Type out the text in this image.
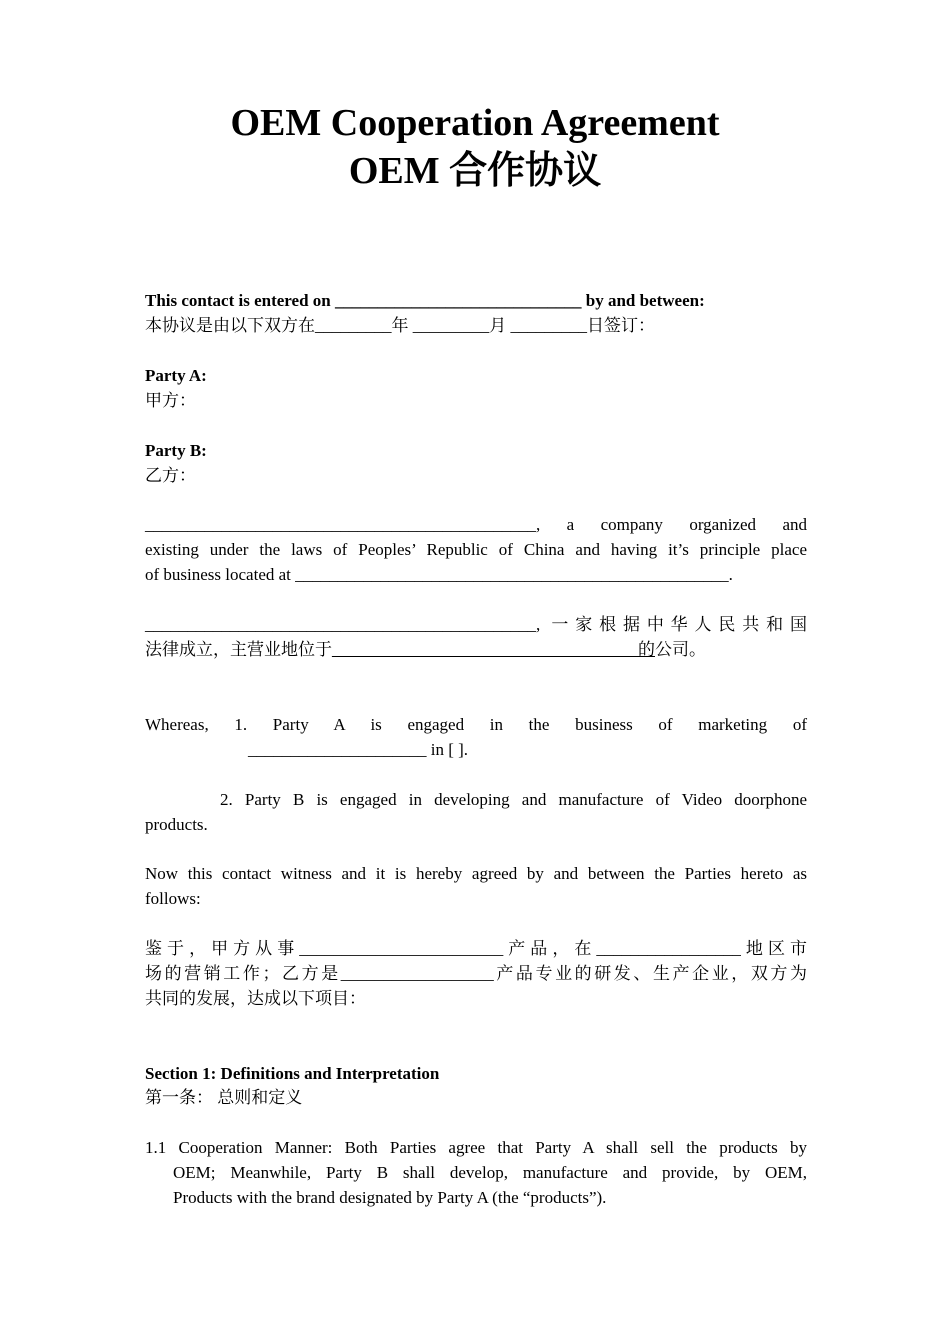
OEM Cooperation Agreement
OEM 合作协议
This contact is entered on _____________________________ by and between:
本协议是由以下双方在_________年 _________月 _________日签订：
Party A:
甲方：
Party B:
乙方：
______________________________________________, a company organized and
existing under the laws of Peoples’ Republic of China and having it’s principle place
of business located at ___________________________________________________.
______________________________________________, 一家根据中华人民共和国
法律成立，主营业地位于____________________________________的公司。
Whereas, 1. Party A is engaged in the business of marketing of
_____________________ in [ ].
2. Party B is engaged in developing and manufacture of Video doorphone
products.
Now this contact witness and it is hereby agreed by and between the Parties hereto as
follows:
鉴于，甲方从事________________________产品，在_________________地区市
场的营销工作；乙方是__________________产品专业的研发、生产企业，双方为
共同的发展，达成以下项目：
Section 1: Definitions and Interpretation
第一条： 总则和定义
1.1 Cooperation Manner: Both Parties agree that Party A shall sell the products by
OEM; Meanwhile, Party B shall develop, manufacture and provide, by OEM,
Products with the brand designated by Party A (the “products”).
